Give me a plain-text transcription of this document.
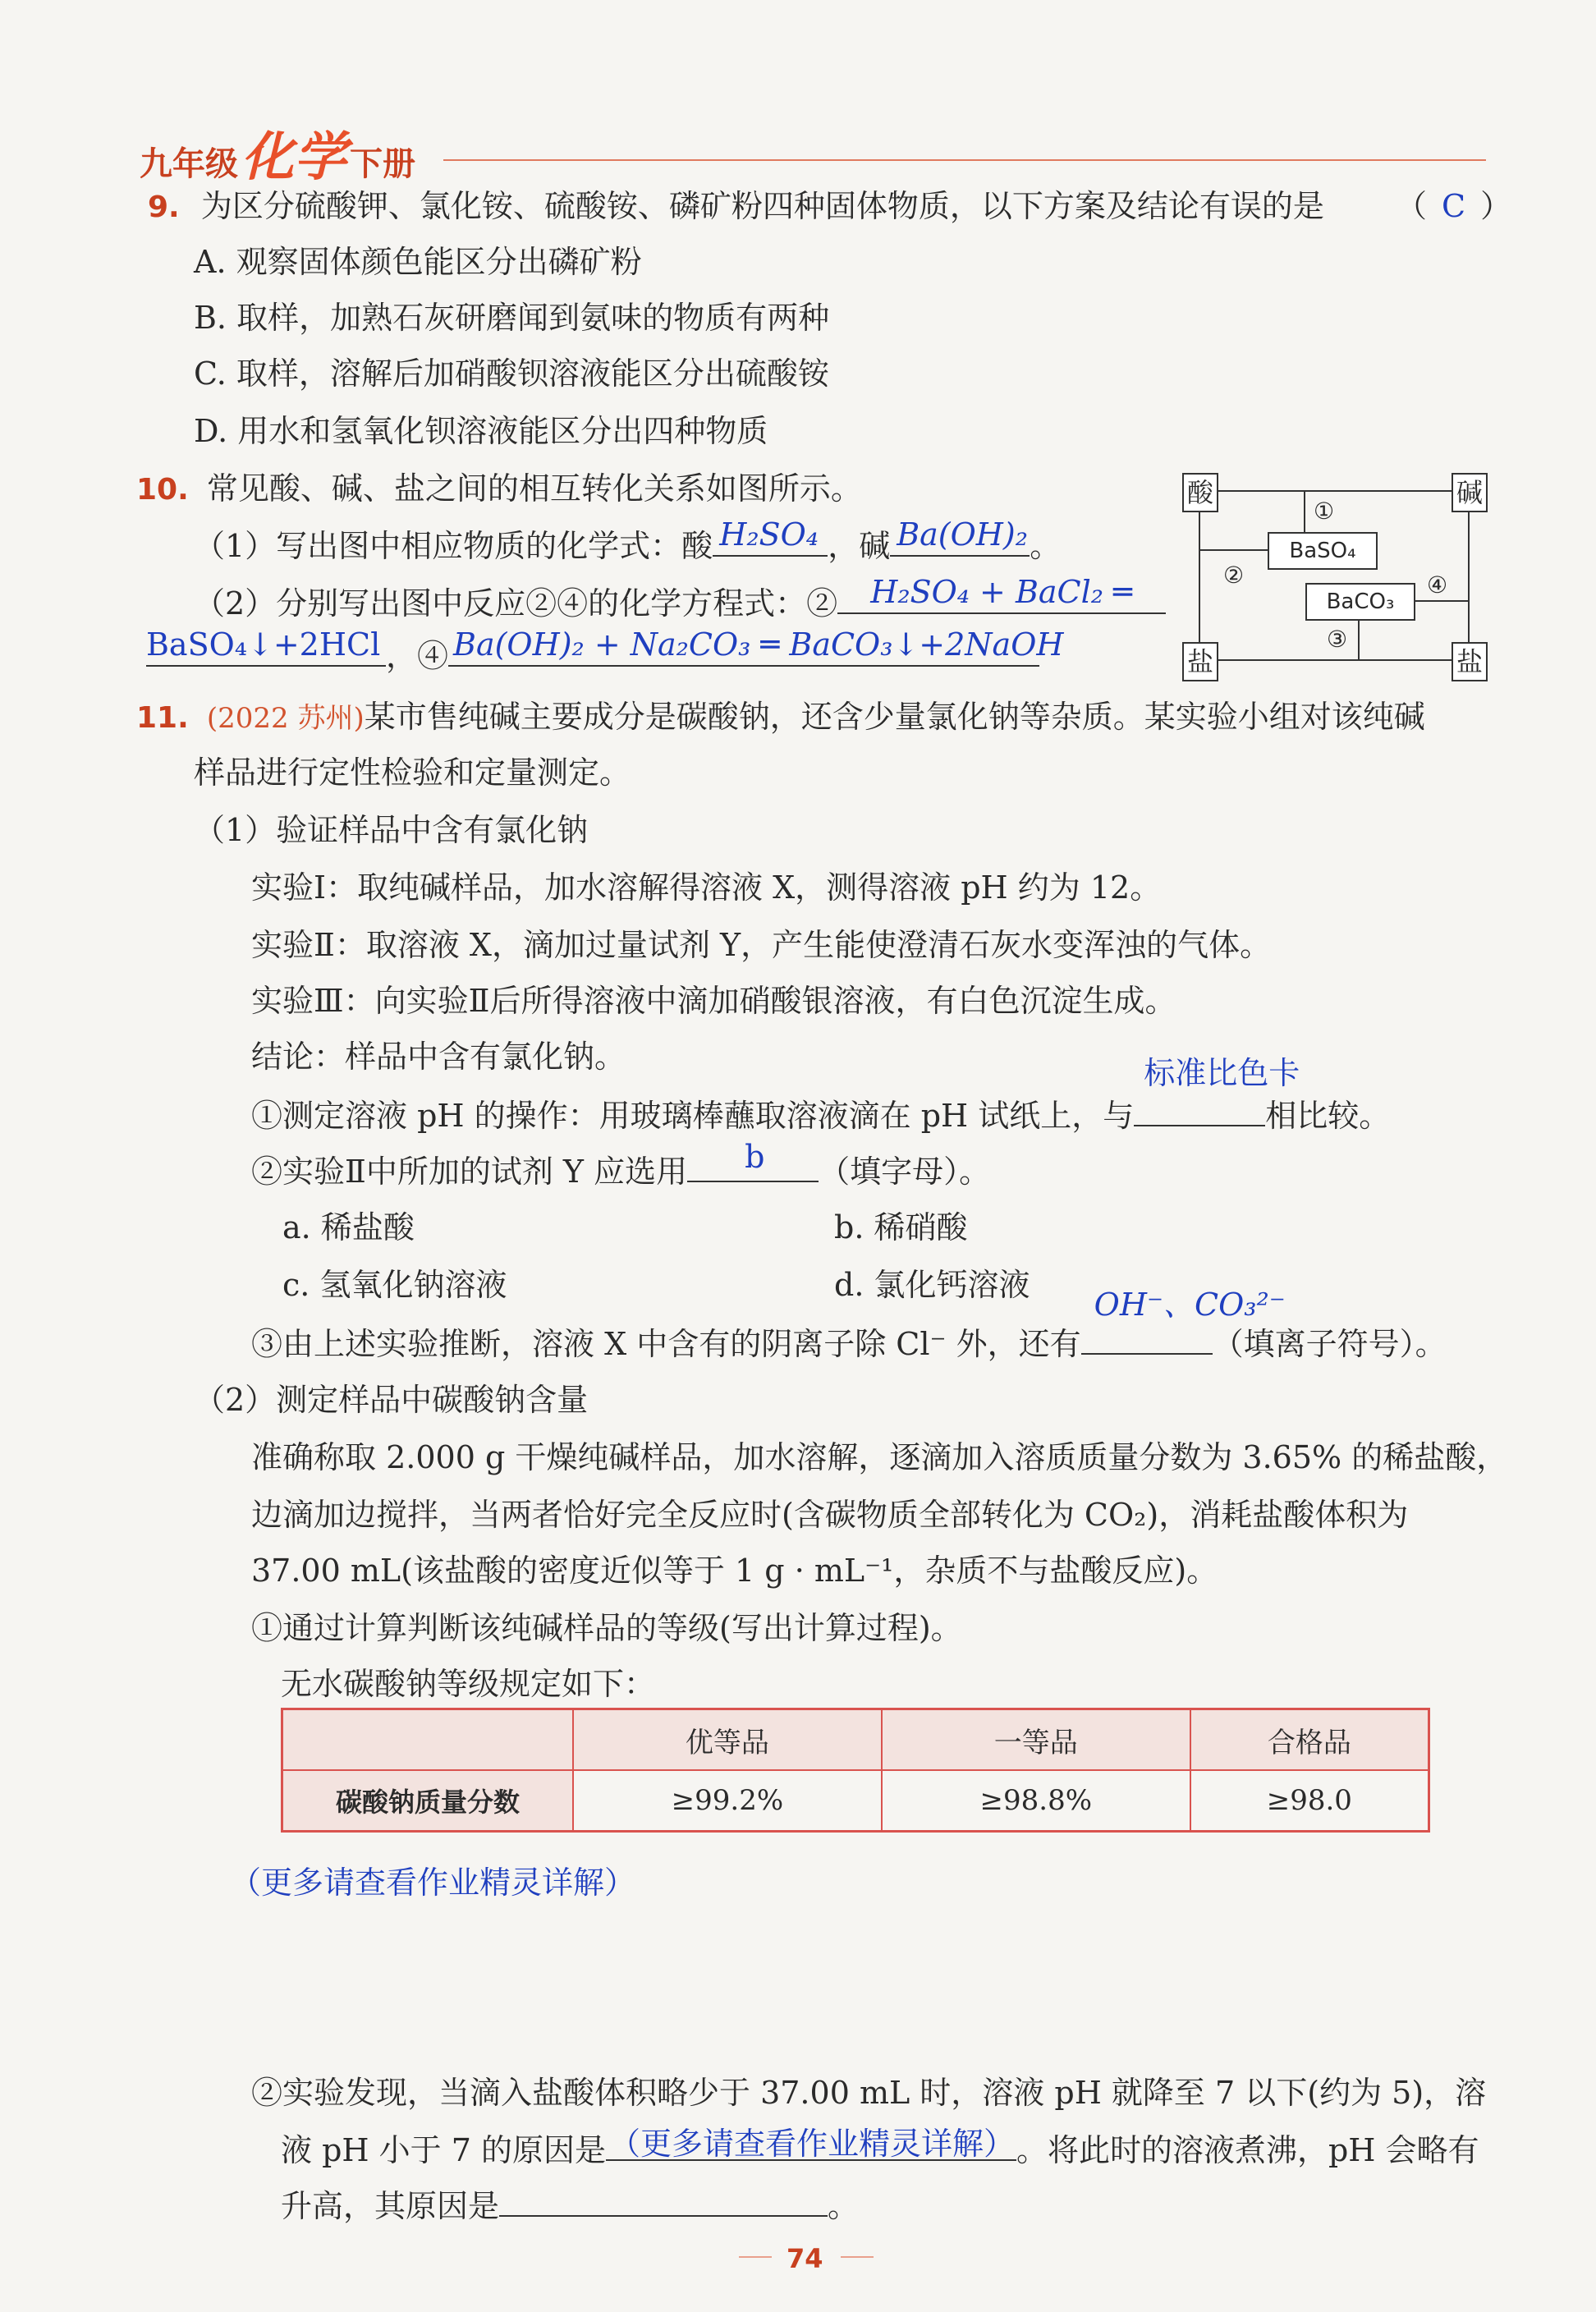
九年级化学 下册
9. 为区分硫酸钾、氯化铵、硫酸铵、磷矿粉四种固体物质，以下方案及结论有误的是 （ C ）
A. 观察固体颜色能区分出磷矿粉
B. 取样，加熟石灰研磨闻到氨味的物质有两种
C. 取样，溶解后加硝酸钡溶液能区分出硫酸铵
D. 用水和氢氧化钡溶液能区分出四种物质
10. 常见酸、碱、盐之间的相互转化关系如图所示。
（1）写出图中相应物质的化学式：酸 H₂SO₄ ，碱 Ba(OH)₂ 。
（2）分别写出图中反应②④的化学方程式：② H₂SO₄ + BaCl₂ ═
BaSO₄↓+2HCl ，④ Ba(OH)₂ + Na₂CO₃ ═ BaCO₃↓+2NaOH
酸	碱
盐	盐
BaSO₄
BaCO₃
①
②
③
④
11. (2022 苏州)某市售纯碱主要成分是碳酸钠，还含少量氯化钠等杂质。某实验小组对该纯碱
样品进行定性检验和定量测定。
（1）验证样品中含有氯化钠
实验Ⅰ：取纯碱样品，加水溶解得溶液 X，测得溶液 pH 约为 12。
实验Ⅱ：取溶液 X，滴加过量试剂 Y，产生能使澄清石灰水变浑浊的气体。
实验Ⅲ：向实验Ⅱ后所得溶液中滴加硝酸银溶液，有白色沉淀生成。
结论：样品中含有氯化钠。
①测定溶液 pH 的操作：用玻璃棒蘸取溶液滴在 pH 试纸上，与
标准比色卡
相比较。
②实验Ⅱ中所加的试剂 Y 应选用 b （填字母）。
a. 稀盐酸	b. 稀硝酸
c. 氢氧化钠溶液	d. 氯化钙溶液
③由上述实验推断，溶液 X 中含有的阴离子除 Cl⁻ 外，还有
OH⁻、CO₃²⁻
（填离子符号）。
（2）测定样品中碳酸钠含量
准确称取 2.000 g 干燥纯碱样品，加水溶解，逐滴加入溶质质量分数为 3.65% 的稀盐酸，
边滴加边搅拌，当两者恰好完全反应时(含碳物质全部转化为 CO₂)，消耗盐酸体积为
37.00 mL(该盐酸的密度近似等于 1 g · mL⁻¹，杂质不与盐酸反应)。
①通过计算判断该纯碱样品的等级(写出计算过程)。
无水碳酸钠等级规定如下：
	优等品	一等品	合格品
碳酸钠质量分数	≥99.2%	≥98.8%	≥98.0
（更多请查看作业精灵详解）
②实验发现，当滴入盐酸体积略少于 37.00 mL 时，溶液 pH 就降至 7 以下(约为 5)，溶
液 pH 小于 7 的原因是 （更多请查看作业精灵详解） 。将此时的溶液煮沸，pH 会略有
升高，其原因是	。
74
